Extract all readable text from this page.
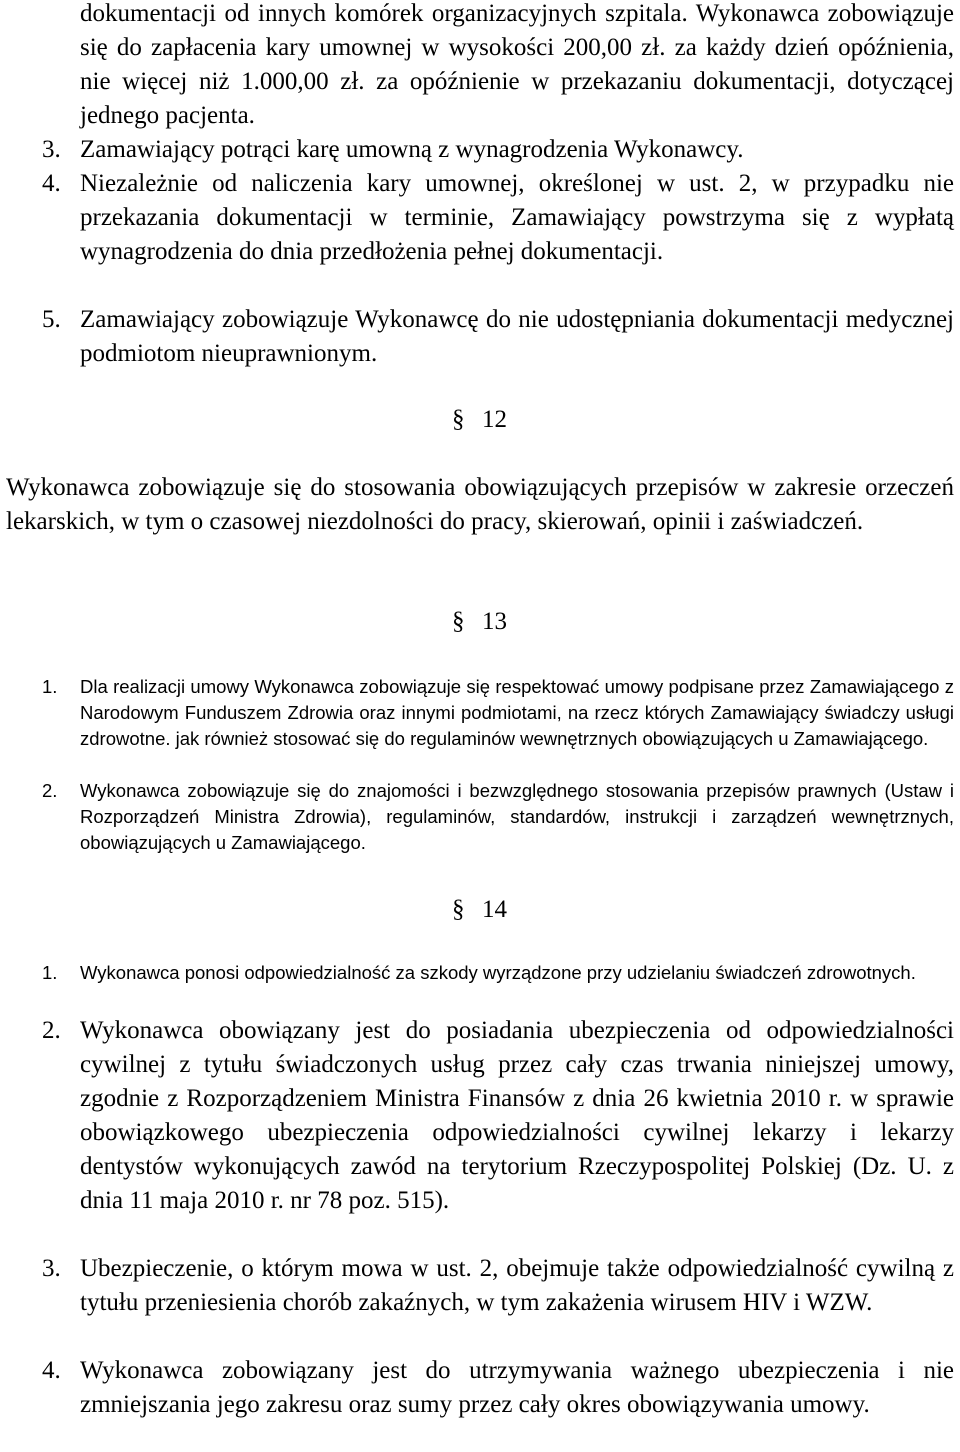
dokumentacji od innych komórek organizacyjnych szpitala. Wykonawca zobowiązuje się do zapłacenia kary umownej w wysokości 200,00 zł. za każdy dzień opóźnienia, nie więcej niż 1.000,00 zł. za opóźnienie w przekazaniu dokumentacji, dotyczącej jednego pacjenta.
3. Zamawiający potrąci karę umowną z wynagrodzenia Wykonawcy.
4. Niezależnie od naliczenia kary umownej, określonej w ust. 2, w przypadku nie przekazania dokumentacji w terminie, Zamawiający powstrzyma się z wypłatą wynagrodzenia do dnia przedłożenia pełnej dokumentacji.
5. Zamawiający zobowiązuje Wykonawcę do nie udostępniania dokumentacji medycznej podmiotom nieuprawnionym.
§ 12
Wykonawca zobowiązuje się do stosowania obowiązujących przepisów w zakresie orzeczeń lekarskich, w tym o czasowej niezdolności do pracy, skierowań, opinii i zaświadczeń.
§ 13
1. Dla realizacji umowy Wykonawca zobowiązuje się respektować umowy podpisane przez Zamawiającego z Narodowym Funduszem Zdrowia oraz innymi podmiotami, na rzecz których Zamawiający świadczy usługi zdrowotne. jak również stosować się do regulaminów wewnętrznych obowiązujących u Zamawiającego.
2. Wykonawca zobowiązuje się do znajomości i bezwzględnego stosowania przepisów prawnych (Ustaw i Rozporządzeń Ministra Zdrowia), regulaminów, standardów, instrukcji i zarządzeń wewnętrznych, obowiązujących u Zamawiającego.
§ 14
1. Wykonawca ponosi odpowiedzialność za szkody wyrządzone przy udzielaniu świadczeń zdrowotnych.
2. Wykonawca obowiązany jest do posiadania ubezpieczenia od odpowiedzialności cywilnej z tytułu świadczonych usług przez cały czas trwania niniejszej umowy, zgodnie z Rozporządzeniem Ministra Finansów z dnia 26 kwietnia 2010 r. w sprawie obowiązkowego ubezpieczenia odpowiedzialności cywilnej lekarzy i lekarzy dentystów wykonujących zawód na terytorium Rzeczypospolitej Polskiej (Dz. U. z dnia 11 maja 2010 r. nr 78 poz. 515).
3. Ubezpieczenie, o którym mowa w ust. 2, obejmuje także odpowiedzialność cywilną z tytułu przeniesienia chorób zakaźnych, w tym zakażenia wirusem HIV i WZW.
4. Wykonawca zobowiązany jest do utrzymywania ważnego ubezpieczenia i nie zmniejszania jego zakresu oraz sumy przez cały okres obowiązywania umowy.
